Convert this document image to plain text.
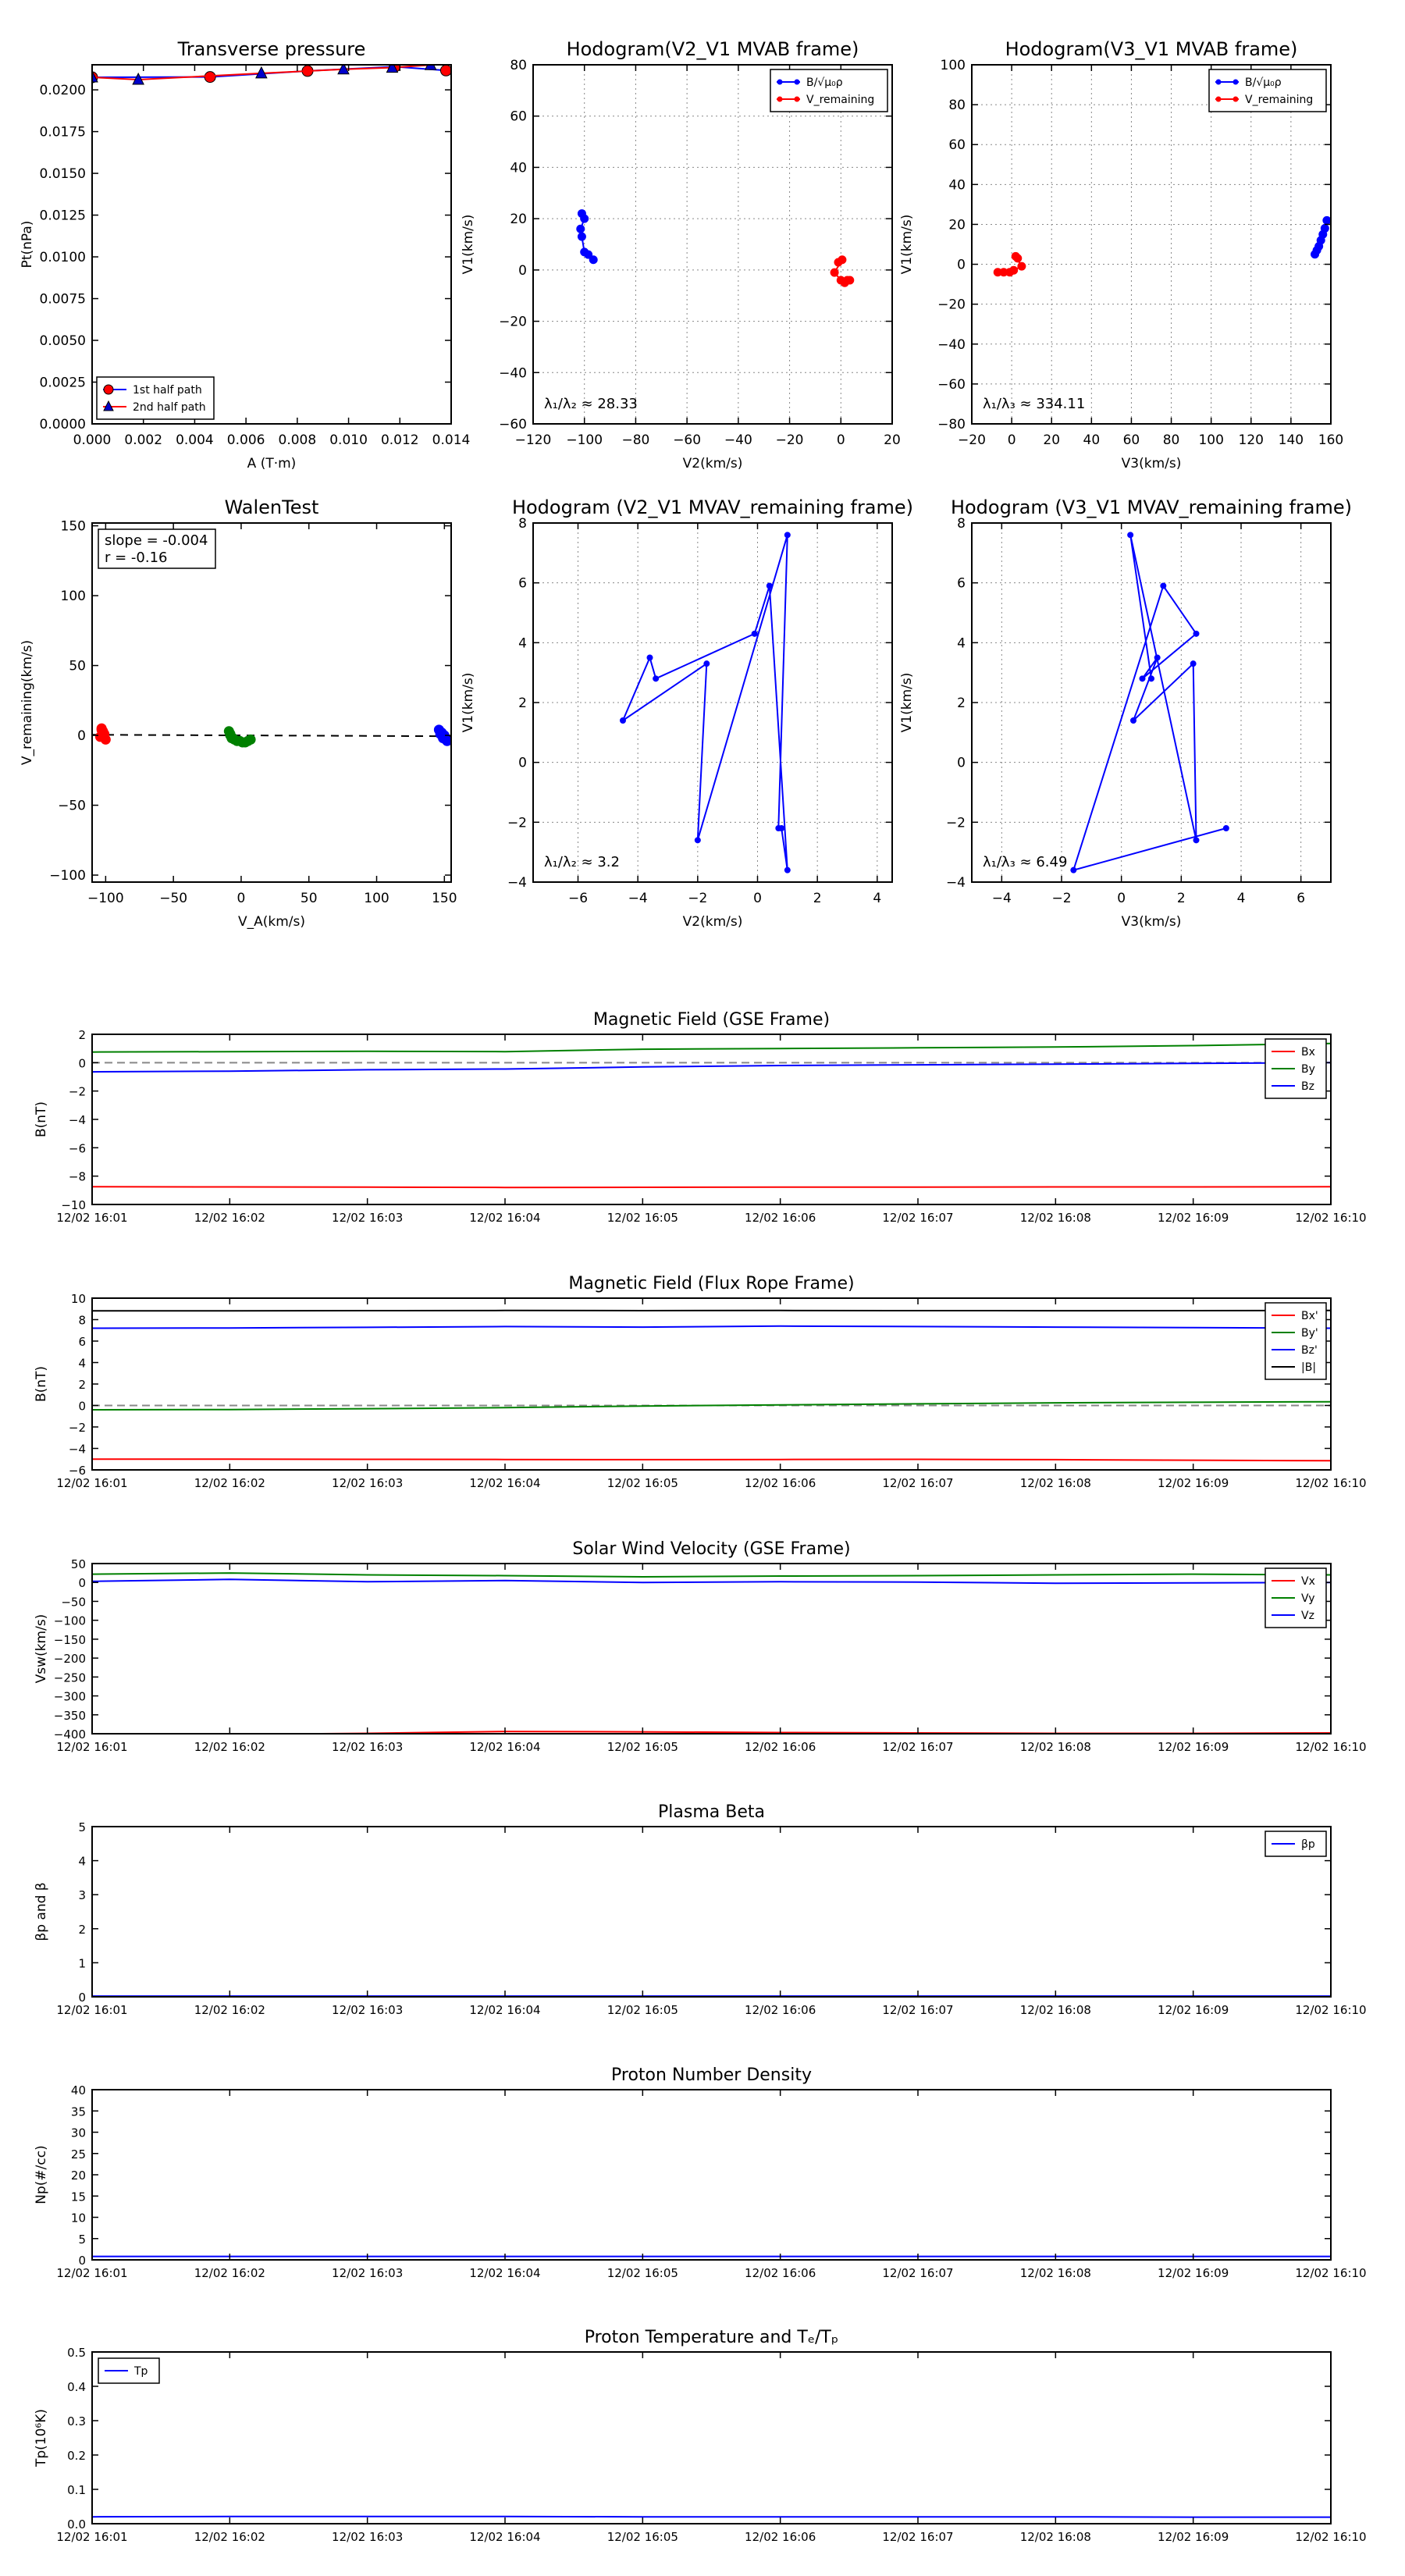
0.000 0.002 0.004 0.006 0.008 0.010 0.012 0.014
0.0000
0.0025
0.0050
0.0075
0.0100
0.0125
0.0150
0.0175
0.0200
Transverse pressure
A (T·m)
Pt(nPa)
1st half path
2nd half path
−120 −100 −80 −60 −40 −20 0	20
−60
−40
−20
0
20
40
60
80
Hodogram(V2_V1 MVAB frame)
V2(km/s)
V1(km/s)
λ₁/λ₂ ≈ 28.33
B/√μ₀ρ
V_remaining
−20 0 20 40 60 80 100 120 140 160
−80
−60
−40
−20
0
20
40
60
80
100
Hodogram(V3_V1 MVAB frame)
V3(km/s)
V1(km/s)
λ₁/λ₃ ≈ 334.11
B/√μ₀ρ
V_remaining
−100	−50	0	50	100	150
−100
−50
0
50
100
150
WalenTest
V_A(km/s)
V_remaining(km/s)
slope = -0.004
r = -0.16
−6	−4	−2	0	2	4
−4
−2
0
2
4
6
8
Hodogram (V2_V1 MVAV_remaining frame)
V2(km/s)
V1(km/s)
λ₁/λ₂ ≈ 3.2
−4	−2	0	2	4	6
−4
−2
0
2
4
6
8
Hodogram (V3_V1 MVAV_remaining frame)
V3(km/s)
V1(km/s)
λ₁/λ₃ ≈ 6.49
12/02 16:01	12/02 16:02	12/02 16:03	12/02 16:04	12/02 16:05	12/02 16:06	12/02 16:07	12/02 16:08	12/02 16:09	12/02 16:10
−10
−8
−6
−4
−2
0
2
Magnetic Field (GSE Frame)
B(nT)
Bx
By
Bz
12/02 16:01	12/02 16:02	12/02 16:03	12/02 16:04	12/02 16:05	12/02 16:06	12/02 16:07	12/02 16:08	12/02 16:09	12/02 16:10
−6
−4
−2
0
2
4
6
8
10
Magnetic Field (Flux Rope Frame)
B(nT)
Bx'
By'
Bz'
|B|
12/02 16:01	12/02 16:02	12/02 16:03	12/02 16:04	12/02 16:05	12/02 16:06	12/02 16:07	12/02 16:08	12/02 16:09	12/02 16:10
−400
−350
−300
−250
−200
−150
−100
−50
0
50
Solar Wind Velocity (GSE Frame)
Vsw(km/s)
Vx
Vy
Vz
12/02 16:01	12/02 16:02	12/02 16:03	12/02 16:04	12/02 16:05	12/02 16:06	12/02 16:07	12/02 16:08	12/02 16:09	12/02 16:10
0
1
2
3
4
5
Plasma Beta
βp and β
βp
12/02 16:01	12/02 16:02	12/02 16:03	12/02 16:04	12/02 16:05	12/02 16:06	12/02 16:07	12/02 16:08	12/02 16:09	12/02 16:10
0
5
10
15
20
25
30
35
40
Proton Number Density
Np(#/cc)
12/02 16:01	12/02 16:02	12/02 16:03	12/02 16:04	12/02 16:05	12/02 16:06	12/02 16:07	12/02 16:08	12/02 16:09	12/02 16:10
0.0
0.1
0.2
0.3
0.4
0.5
Proton Temperature and Tₑ/Tₚ
Tp(10⁶K)
Tp
